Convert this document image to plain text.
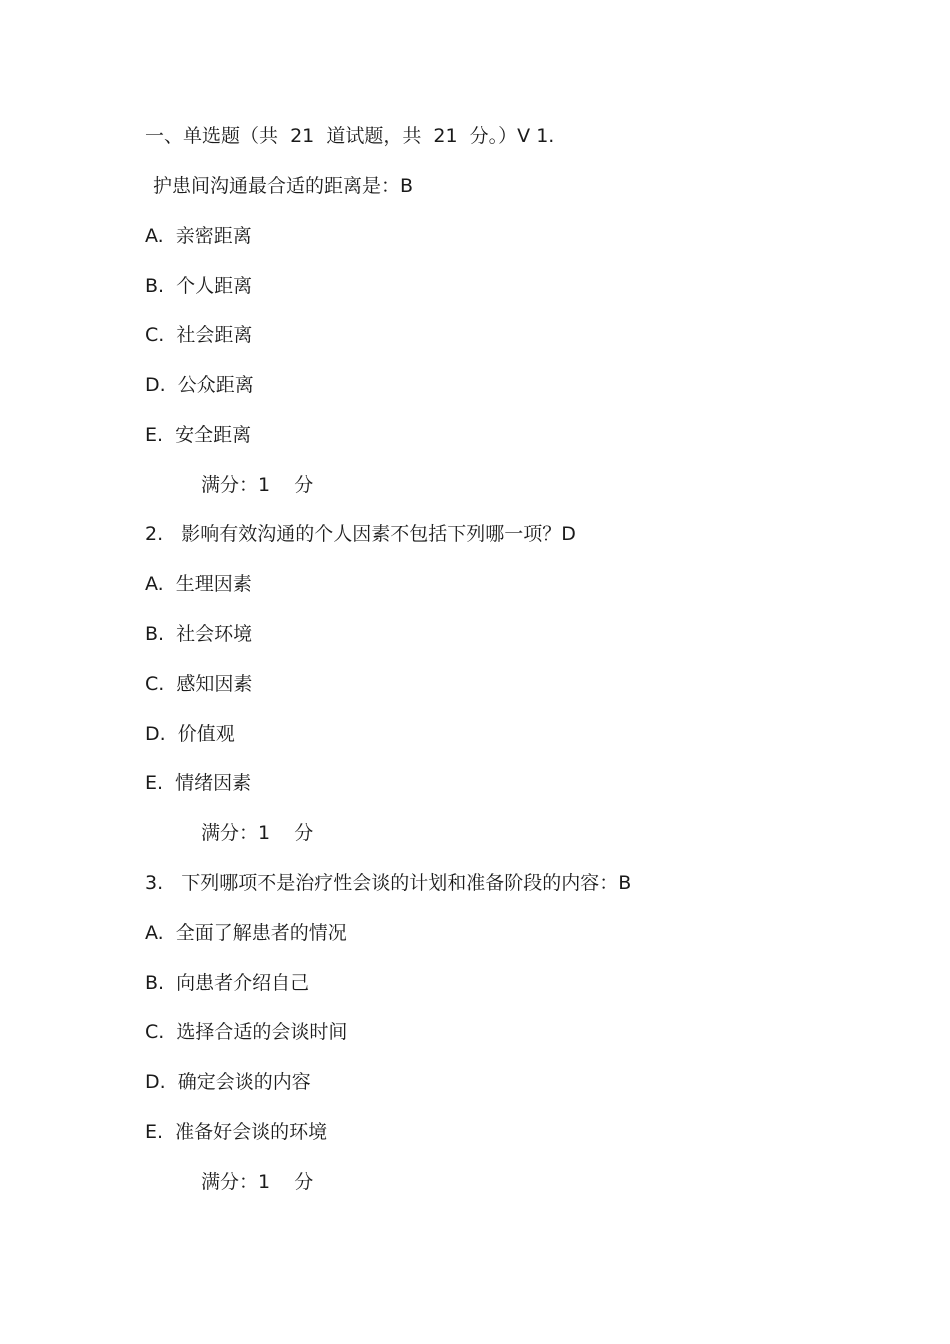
一、单选题（共  21  道试题，共  21  分。）V 1.
护患间沟通最合适的距离是：B
A.  亲密距离
B.  个人距离
C.  社会距离
D.  公众距离
E.  安全距离
满分：1    分
2.   影响有效沟通的个人因素不包括下列哪一项？D
A.  生理因素
B.  社会环境
C.  感知因素
D.  价值观
E.  情绪因素
满分：1    分
3.   下列哪项不是治疗性会谈的计划和准备阶段的内容：B
A.  全面了解患者的情况
B.  向患者介绍自己
C.  选择合适的会谈时间
D.  确定会谈的内容
E.  准备好会谈的环境
满分：1    分
